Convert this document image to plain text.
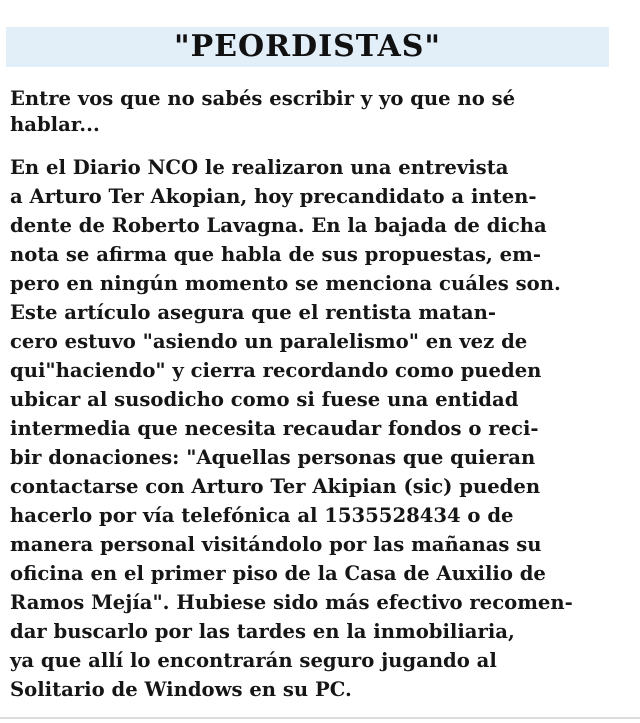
"PEORDISTAS"
Entre vos que no sabés escribir y yo que no sé
hablar...
En el Diario NCO le realizaron una entrevista
a Arturo Ter Akopian, hoy precandidato a inten-
dente de Roberto Lavagna. En la bajada de dicha
nota se afirma que habla de sus propuestas, em-
pero en ningún momento se menciona cuáles son.
Este artículo asegura que el rentista matan-
cero estuvo "asiendo un paralelismo" en vez de
qui"haciendo" y cierra recordando como pueden
ubicar al susodicho como si fuese una entidad
intermedia que necesita recaudar fondos o reci-
bir donaciones: "Aquellas personas que quieran
contactarse con Arturo Ter Akipian (sic) pueden
hacerlo por vía telefónica al 1535528434 o de
manera personal visitándolo por las mañanas su
oficina en el primer piso de la Casa de Auxilio de
Ramos Mejía". Hubiese sido más efectivo recomen-
dar buscarlo por las tardes en la inmobiliaria,
ya que allí lo encontrarán seguro jugando al
Solitario de Windows en su PC.
